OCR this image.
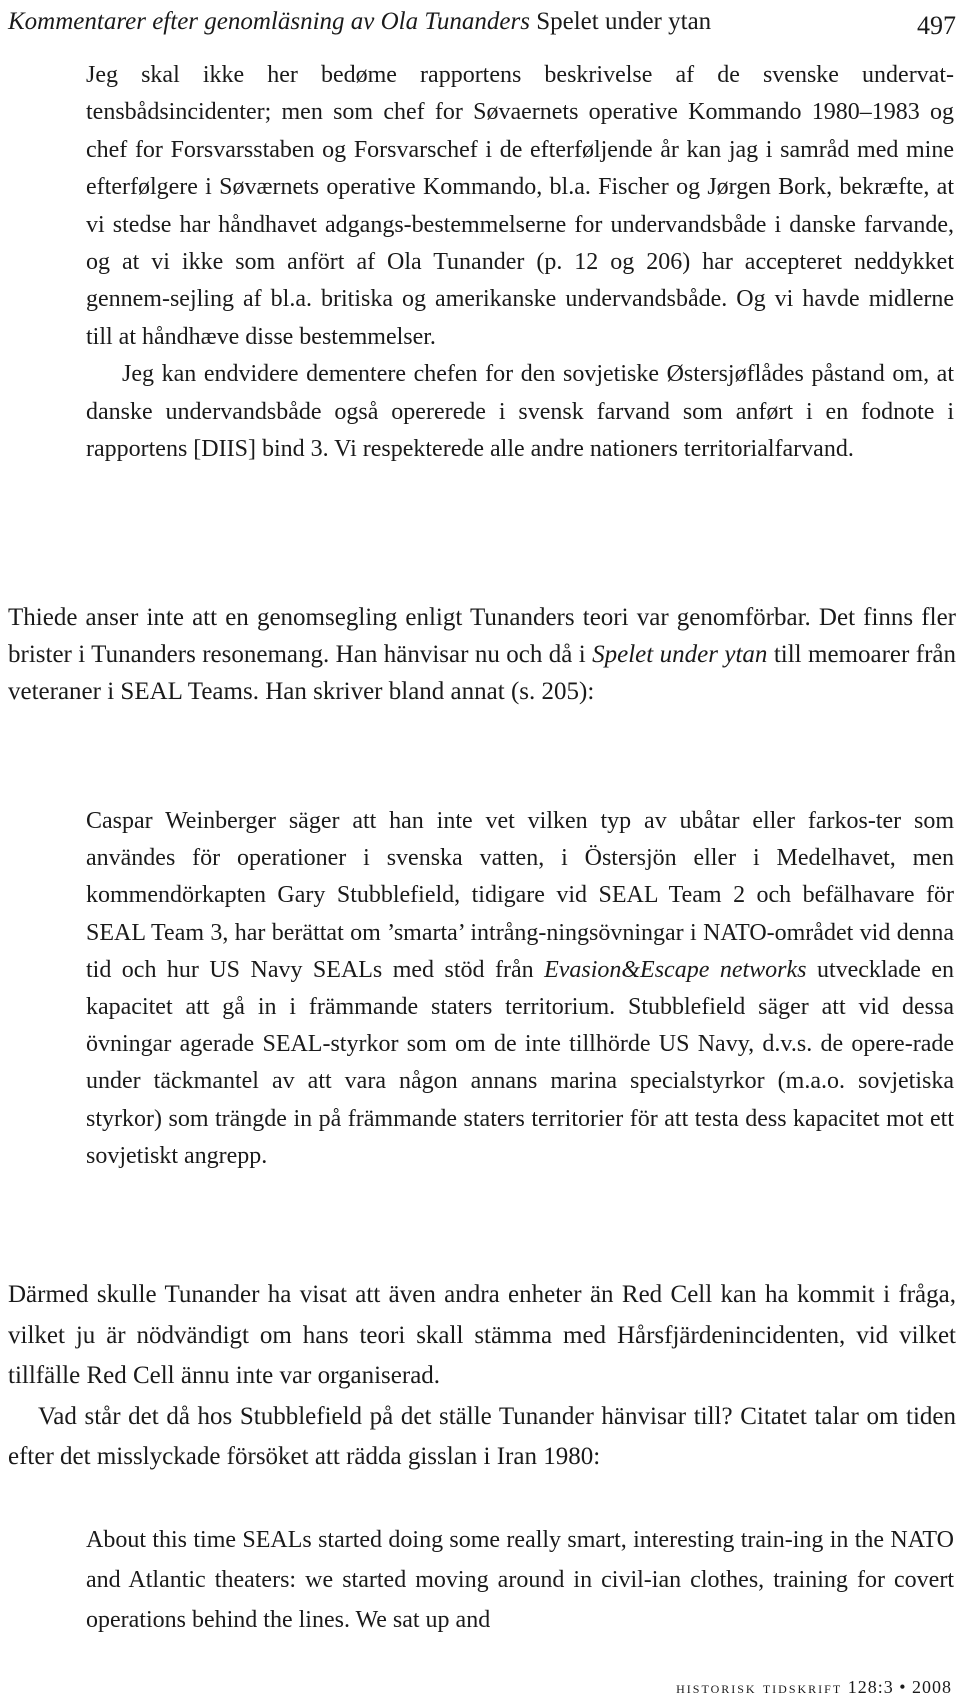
Kommentarer efter genomläsning av Ola Tunanders Spelet under ytan	497

Jeg skal ikke her bedøme rapportens beskrivelse af de svenske undervat-tensbådsincidenter; men som chef for Søvaernets operative Kommando 1980–1983 og chef for Forsvarsstaben og Forsvarschef i de efterføljende år kan jag i samråd med mine efterfølgere i Søværnets operative Kommando, bl.a. Fischer og Jørgen Bork, bekræfte, at vi stedse har håndhavet adgangs-bestemmelserne for undervandsbåde i danske farvande, og at vi ikke som anfört af Ola Tunander (p. 12 og 206) har accepteret neddykket gennem-sejling af bl.a. britiska og amerikanske undervandsbåde. Og vi havde midlerne till at håndhæve disse bestemmelser.

Jeg kan endvidere dementere chefen for den sovjetiske Østersjøflådes påstand om, at danske undervandsbåde også opererede i svensk farvand som anført i en fodnote i rapportens [DIIS] bind 3. Vi respekterede alle andre nationers territorialfarvand.

Thiede anser inte att en genomsegling enligt Tunanders teori var genomförbar. Det finns fler brister i Tunanders resonemang. Han hänvisar nu och då i Spelet under ytan till memoarer från veteraner i SEAL Teams. Han skriver bland annat (s. 205):

Caspar Weinberger säger att han inte vet vilken typ av ubåtar eller farkos-ter som användes för operationer i svenska vatten, i Östersjön eller i Medelhavet, men kommendörkapten Gary Stubblefield, tidigare vid SEAL Team 2 och befälhavare för SEAL Team 3, har berättat om ’smarta’ intrång-ningsövningar i NATO-området vid denna tid och hur US Navy SEALs med stöd från Evasion&Escape networks utvecklade en kapacitet att gå in i främmande staters territorium. Stubblefield säger att vid dessa övningar agerade SEAL-styrkor som om de inte tillhörde US Navy, d.v.s. de opere-rade under täckmantel av att vara någon annans marina specialstyrkor (m.a.o. sovjetiska styrkor) som trängde in på främmande staters territorier för att testa dess kapacitet mot ett sovjetiskt angrepp.

Därmed skulle Tunander ha visat att även andra enheter än Red Cell kan ha kommit i fråga, vilket ju är nödvändigt om hans teori skall stämma med Hårsfjärdenincidenten, vid vilket tillfälle Red Cell ännu inte var organiserad.

Vad står det då hos Stubblefield på det ställe Tunander hänvisar till? Citatet talar om tiden efter det misslyckade försöket att rädda gisslan i Iran 1980:

About this time SEALs started doing some really smart, interesting train-ing in the NATO and Atlantic theaters: we started moving around in civil-ian clothes, training for covert operations behind the lines. We sat up and

historisk tidskrift 128:3 • 2008
